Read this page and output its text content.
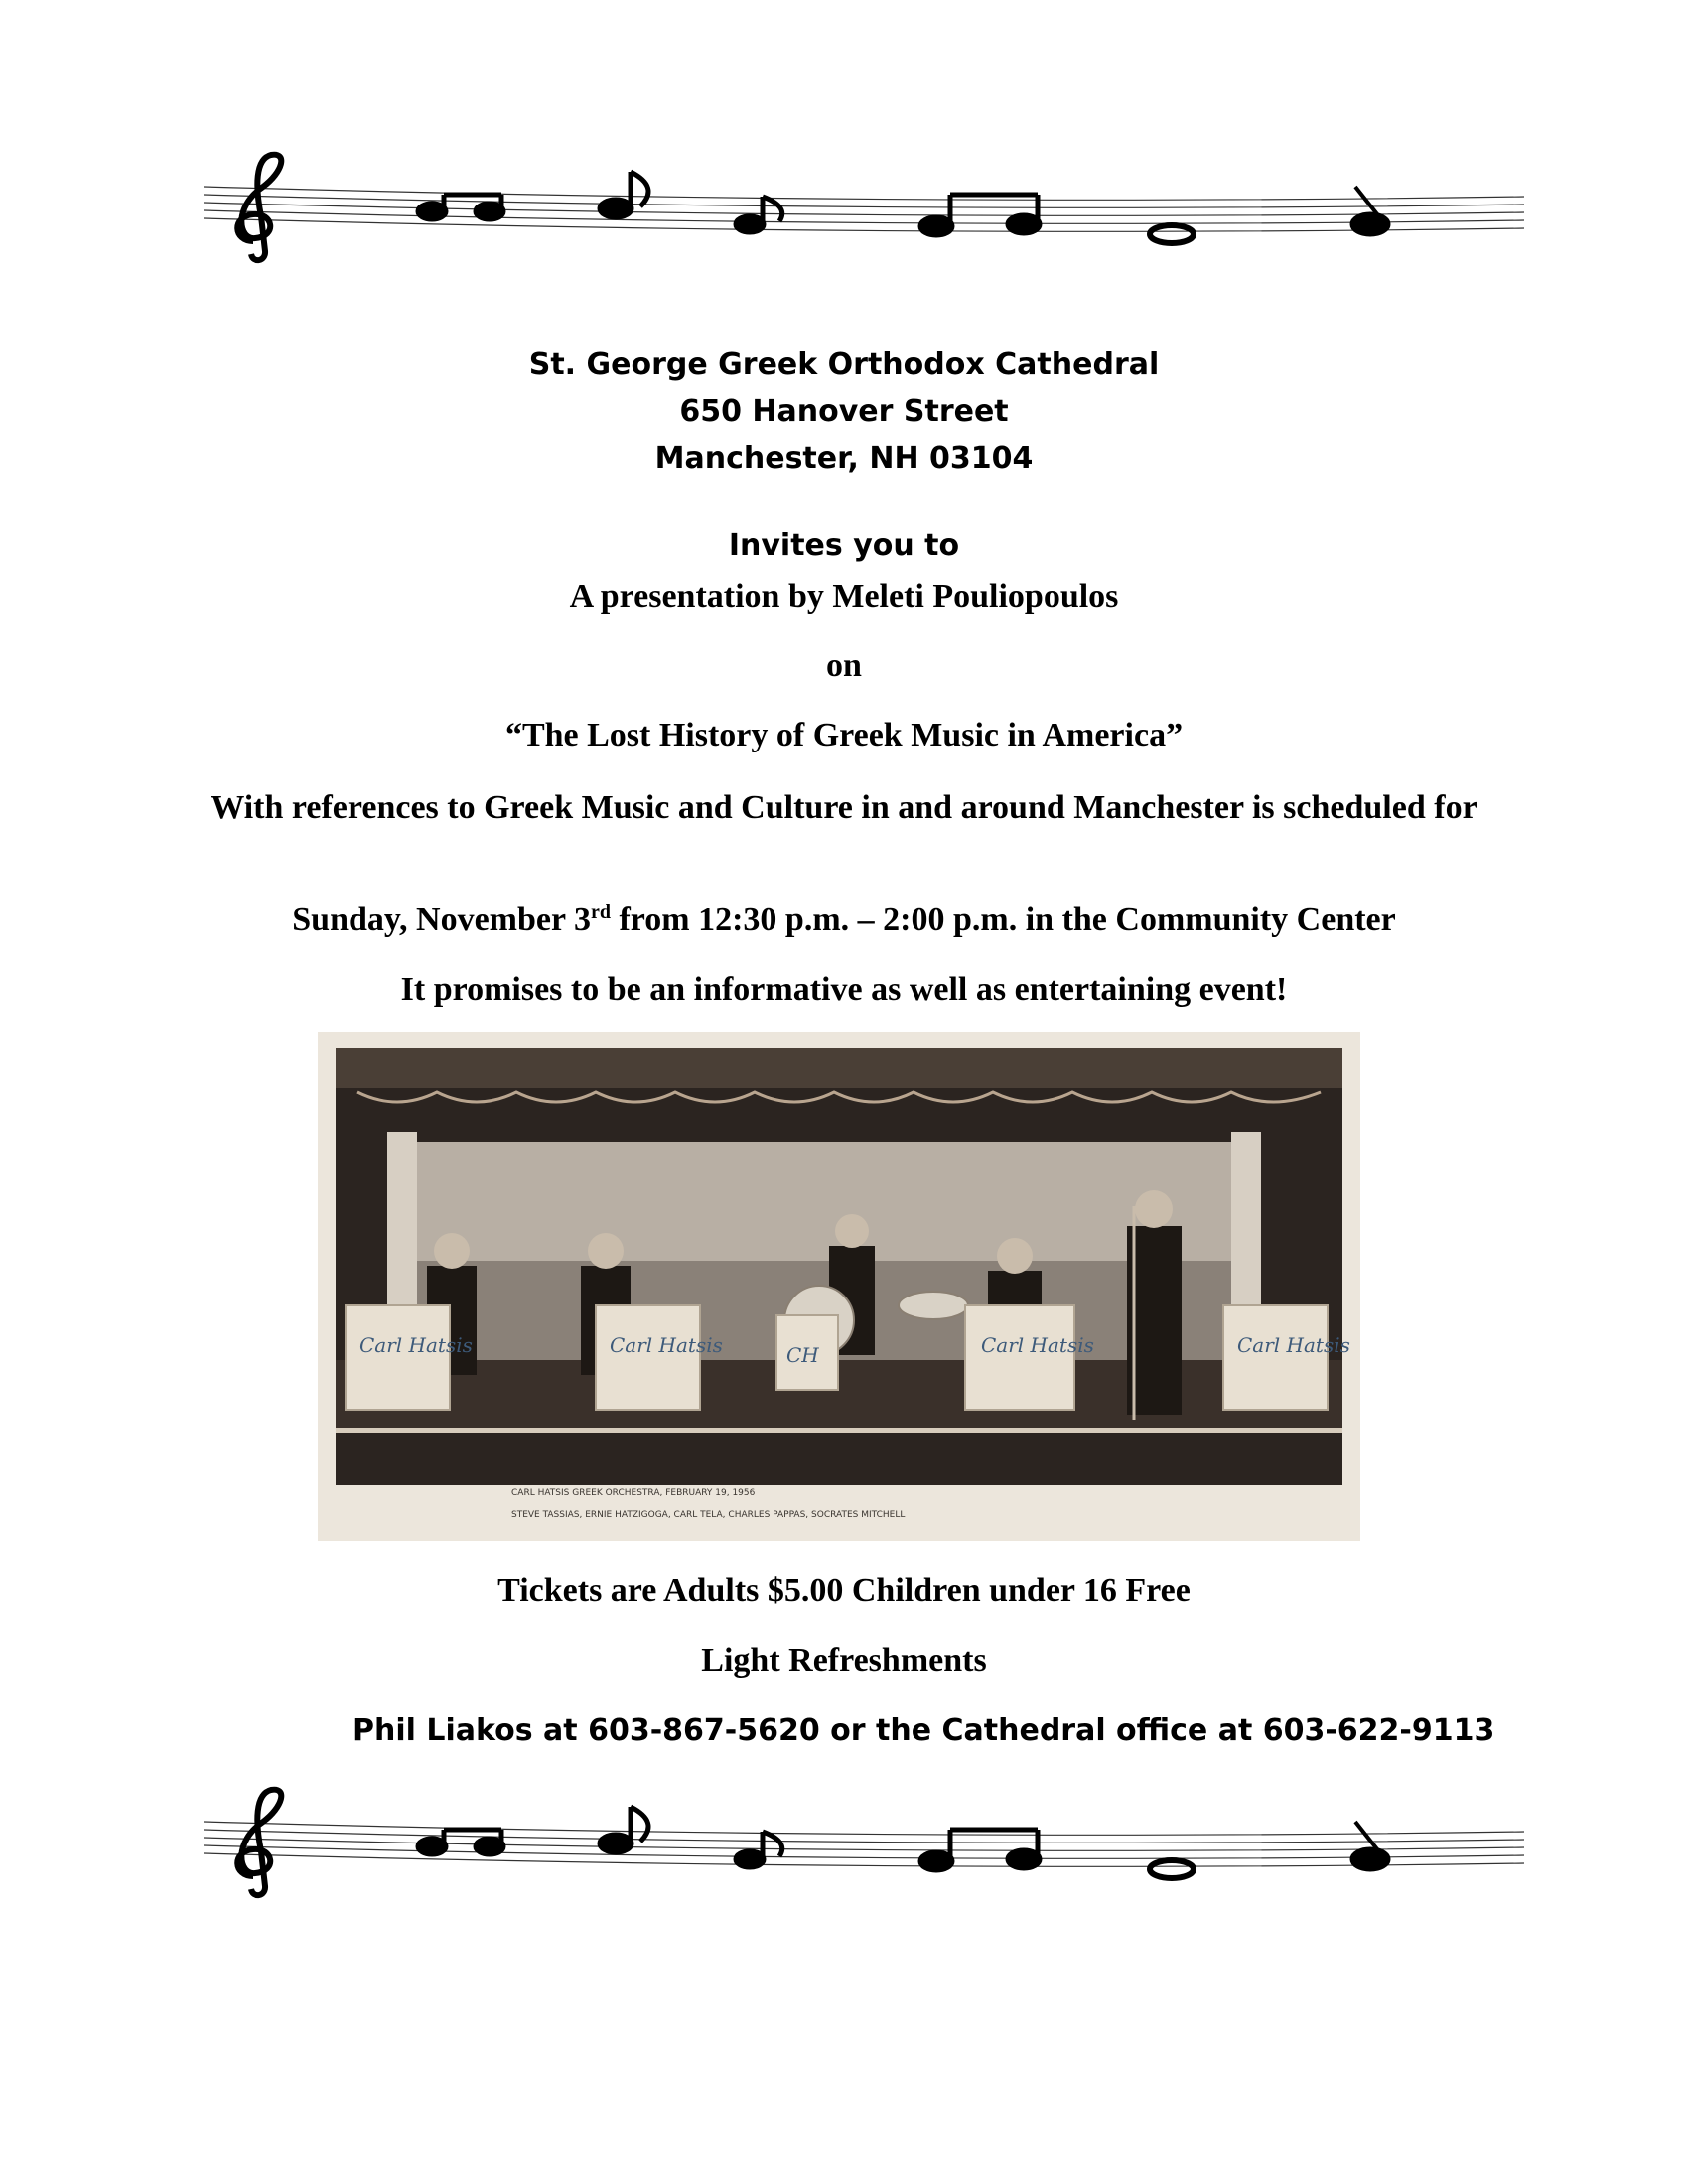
St. George Greek Orthodox Cathedral
650 Hanover Street
Manchester, NH 03104
Invites you to
A presentation by Meleti Pouliopoulos
on
“The Lost History of Greek Music in America”
With references to Greek Music and Culture in and around Manchester is scheduled for
Sunday, November 3rd from 12:30 p.m. – 2:00 p.m. in the Community Center
It promises to be an informative as well as entertaining event!
Carl Hatsis	Carl Hatsis	CH	Carl Hatsis	Carl Hatsis
CARL HATSIS GREEK ORCHESTRA, FEBRUARY 19, 1956
STEVE TASSIAS, ERNIE HATZIGOGA, CARL TELA, CHARLES PAPPAS, SOCRATES MITCHELL
Tickets are Adults $5.00 Children under 16 Free
Light Refreshments
Phil Liakos at 603-867-5620 or the Cathedral office at 603-622-9113
